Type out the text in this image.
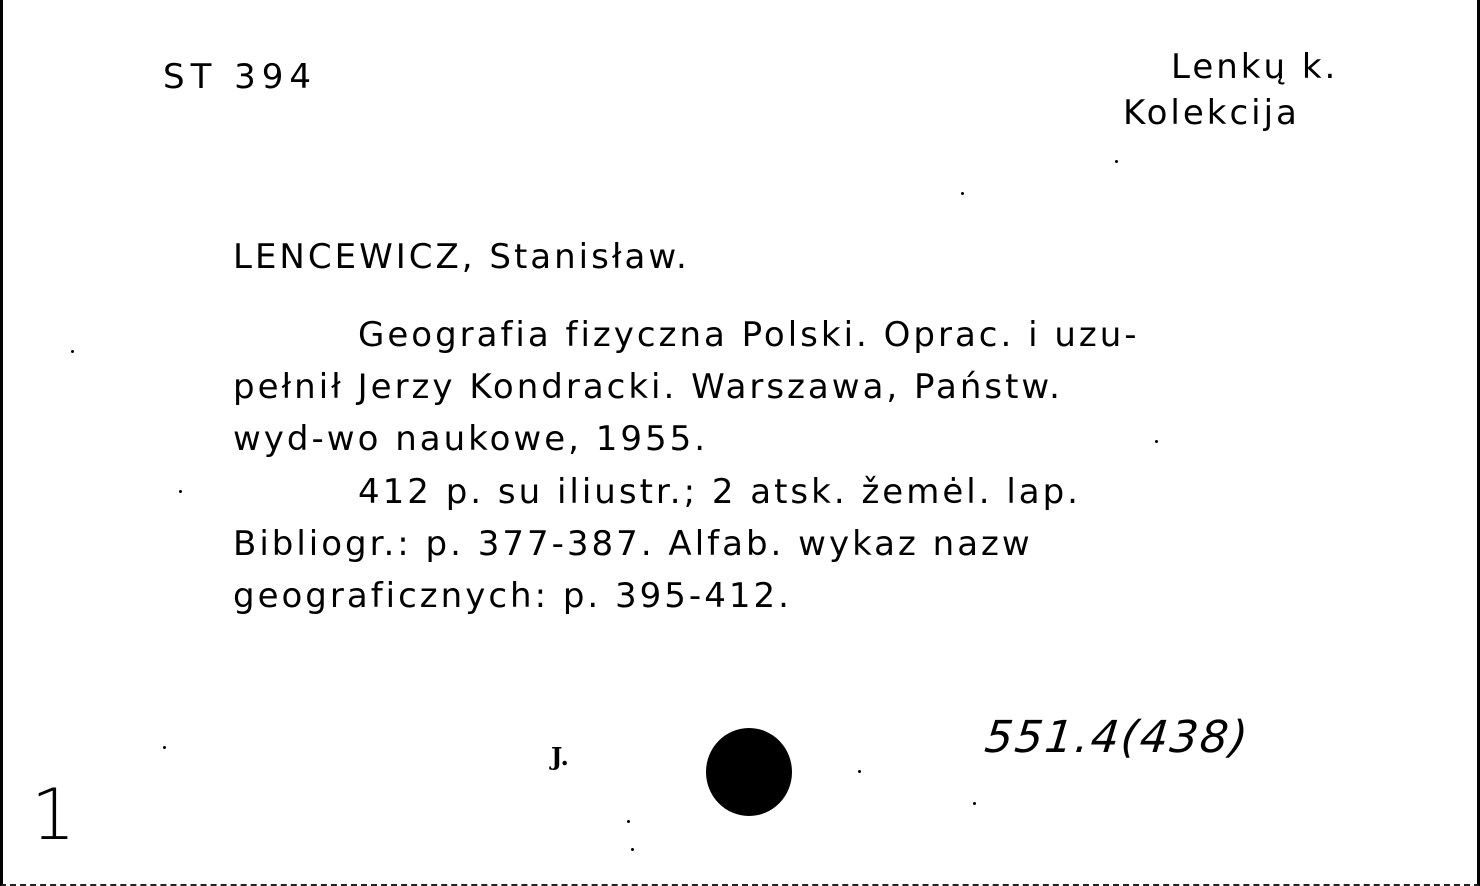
ST 394	Lenkų k.
Kolekcija
LENCEWICZ, Stanisław.
Geografia fizyczna Polski. Oprac. i uzu-
pełnił Jerzy Kondracki. Warszawa, Państw.
wyd-wo naukowe, 1955.
412 p. su iliustr.; 2 atsk. žemėl. lap.
Bibliogr.: p. 377-387. Alfab. wykaz nazw
geograficznych: p. 395-412.
J.	551.4(438)
1
